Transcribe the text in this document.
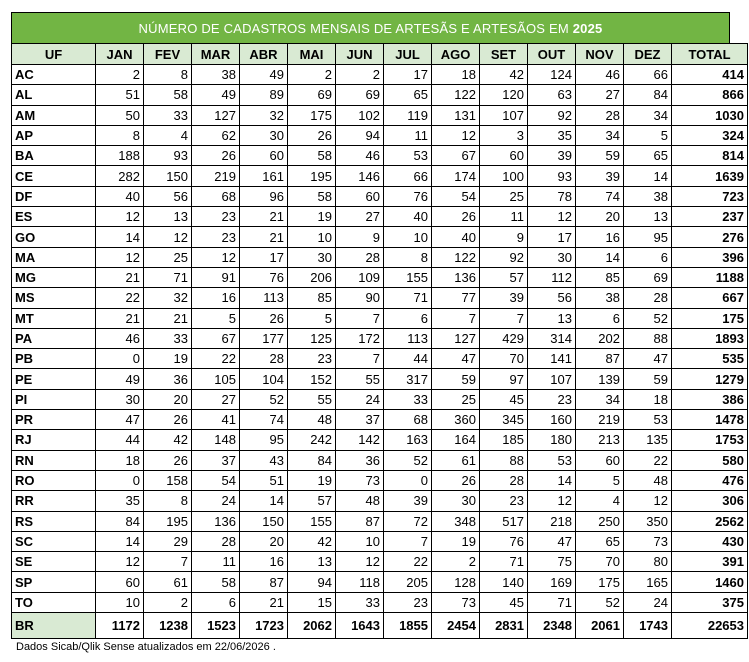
NÚMERO DE CADASTROS MENSAIS DE ARTESÃS E ARTESÃOS EM 2025
UF	JAN	FEV	MAR	ABR	MAI	JUN	JUL	AGO	SET	OUT	NOV	DEZ	TOTAL
AC	2	8	38	49	2	2	17	18	42	124	46	66	414
AL	51	58	49	89	69	69	65	122	120	63	27	84	866
AM	50	33	127	32	175	102	119	131	107	92	28	34	1030
AP	8	4	62	30	26	94	11	12	3	35	34	5	324
BA	188	93	26	60	58	46	53	67	60	39	59	65	814
CE	282	150	219	161	195	146	66	174	100	93	39	14	1639
DF	40	56	68	96	58	60	76	54	25	78	74	38	723
ES	12	13	23	21	19	27	40	26	11	12	20	13	237
GO	14	12	23	21	10	9	10	40	9	17	16	95	276
MA	12	25	12	17	30	28	8	122	92	30	14	6	396
MG	21	71	91	76	206	109	155	136	57	112	85	69	1188
MS	22	32	16	113	85	90	71	77	39	56	38	28	667
MT	21	21	5	26	5	7	6	7	7	13	6	52	175
PA	46	33	67	177	125	172	113	127	429	314	202	88	1893
PB	0	19	22	28	23	7	44	47	70	141	87	47	535
PE	49	36	105	104	152	55	317	59	97	107	139	59	1279
PI	30	20	27	52	55	24	33	25	45	23	34	18	386
PR	47	26	41	74	48	37	68	360	345	160	219	53	1478
RJ	44	42	148	95	242	142	163	164	185	180	213	135	1753
RN	18	26	37	43	84	36	52	61	88	53	60	22	580
RO	0	158	54	51	19	73	0	26	28	14	5	48	476
RR	35	8	24	14	57	48	39	30	23	12	4	12	306
RS	84	195	136	150	155	87	72	348	517	218	250	350	2562
SC	14	29	28	20	42	10	7	19	76	47	65	73	430
SE	12	7	11	16	13	12	22	2	71	75	70	80	391
SP	60	61	58	87	94	118	205	128	140	169	175	165	1460
TO	10	2	6	21	15	33	23	73	45	71	52	24	375
BR	1172	1238	1523	1723	2062	1643	1855	2454	2831	2348	2061	1743	22653
Dados Sicab/Qlik Sense atualizados em 22/06/2026 .
